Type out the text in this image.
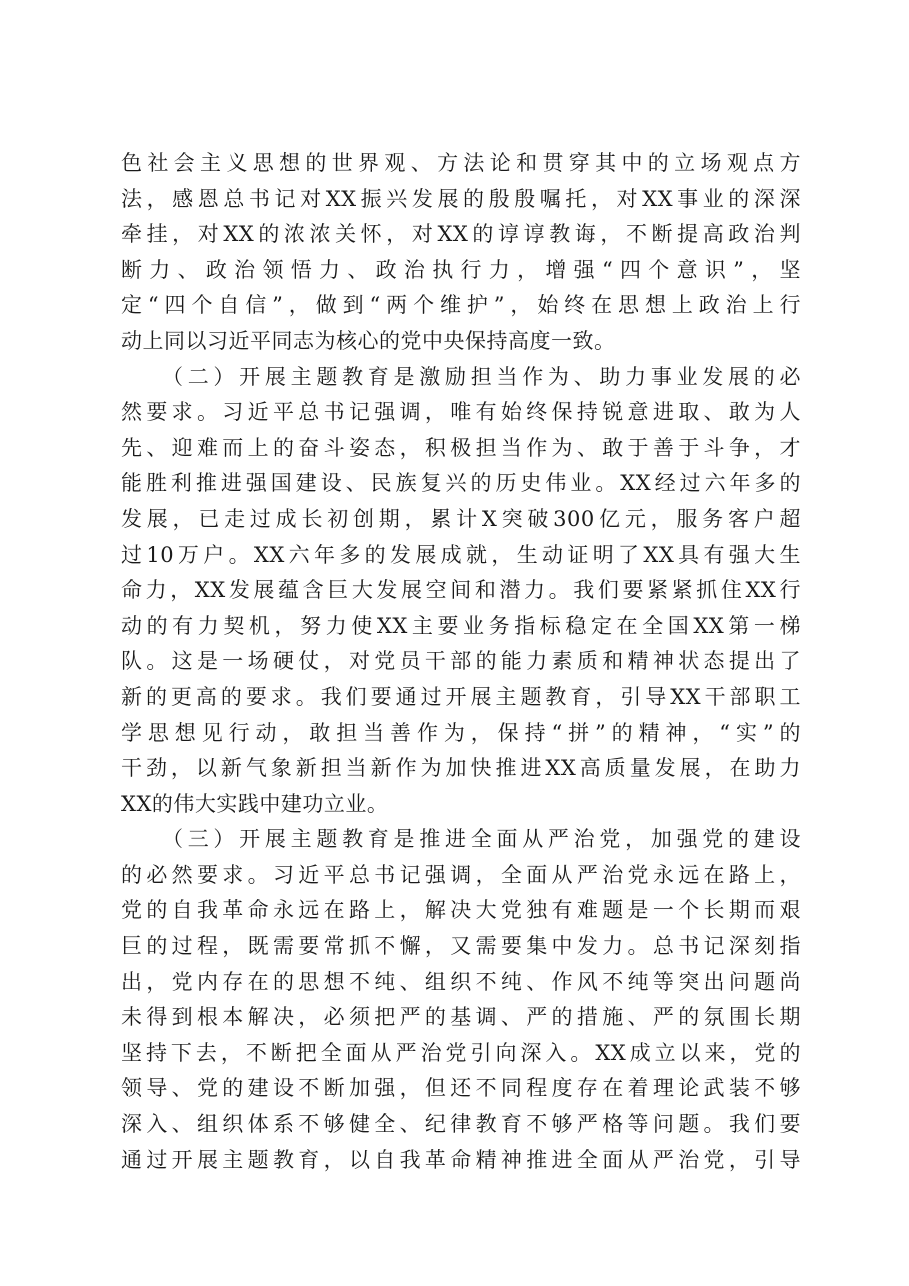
色社会主义思想的世界观、方法论和贯穿其中的立场观点方
法，感恩总书记对XX振兴发展的殷殷嘱托，对XX事业的深深
牵挂，对XX的浓浓关怀，对XX的谆谆教诲，不断提高政治判
断力、政治领悟力、政治执行力，增强“四个意识”，坚
定“四个自信”，做到“两个维护”，始终在思想上政治上行
动上同以习近平同志为核心的党中央保持高度一致。
　　（二）开展主题教育是激励担当作为、助力事业发展的必
然要求。习近平总书记强调，唯有始终保持锐意进取、敢为人
先、迎难而上的奋斗姿态，积极担当作为、敢于善于斗争，才
能胜利推进强国建设、民族复兴的历史伟业。XX经过六年多的
发展，已走过成长初创期，累计X突破300亿元，服务客户超
过10万户。XX六年多的发展成就，生动证明了XX具有强大生
命力，XX发展蕴含巨大发展空间和潜力。我们要紧紧抓住XX行
动的有力契机，努力使XX主要业务指标稳定在全国XX第一梯
队。这是一场硬仗，对党员干部的能力素质和精神状态提出了
新的更高的要求。我们要通过开展主题教育，引导XX干部职工
学思想见行动，敢担当善作为，保持“拼”的精神，“实”的
干劲，以新气象新担当新作为加快推进XX高质量发展，在助力
XX的伟大实践中建功立业。
　　（三）开展主题教育是推进全面从严治党，加强党的建设
的必然要求。习近平总书记强调，全面从严治党永远在路上，
党的自我革命永远在路上，解决大党独有难题是一个长期而艰
巨的过程，既需要常抓不懈，又需要集中发力。总书记深刻指
出，党内存在的思想不纯、组织不纯、作风不纯等突出问题尚
未得到根本解决，必须把严的基调、严的措施、严的氛围长期
坚持下去，不断把全面从严治党引向深入。XX成立以来，党的
领导、党的建设不断加强，但还不同程度存在着理论武装不够
深入、组织体系不够健全、纪律教育不够严格等问题。我们要
通过开展主题教育，以自我革命精神推进全面从严治党，引导
